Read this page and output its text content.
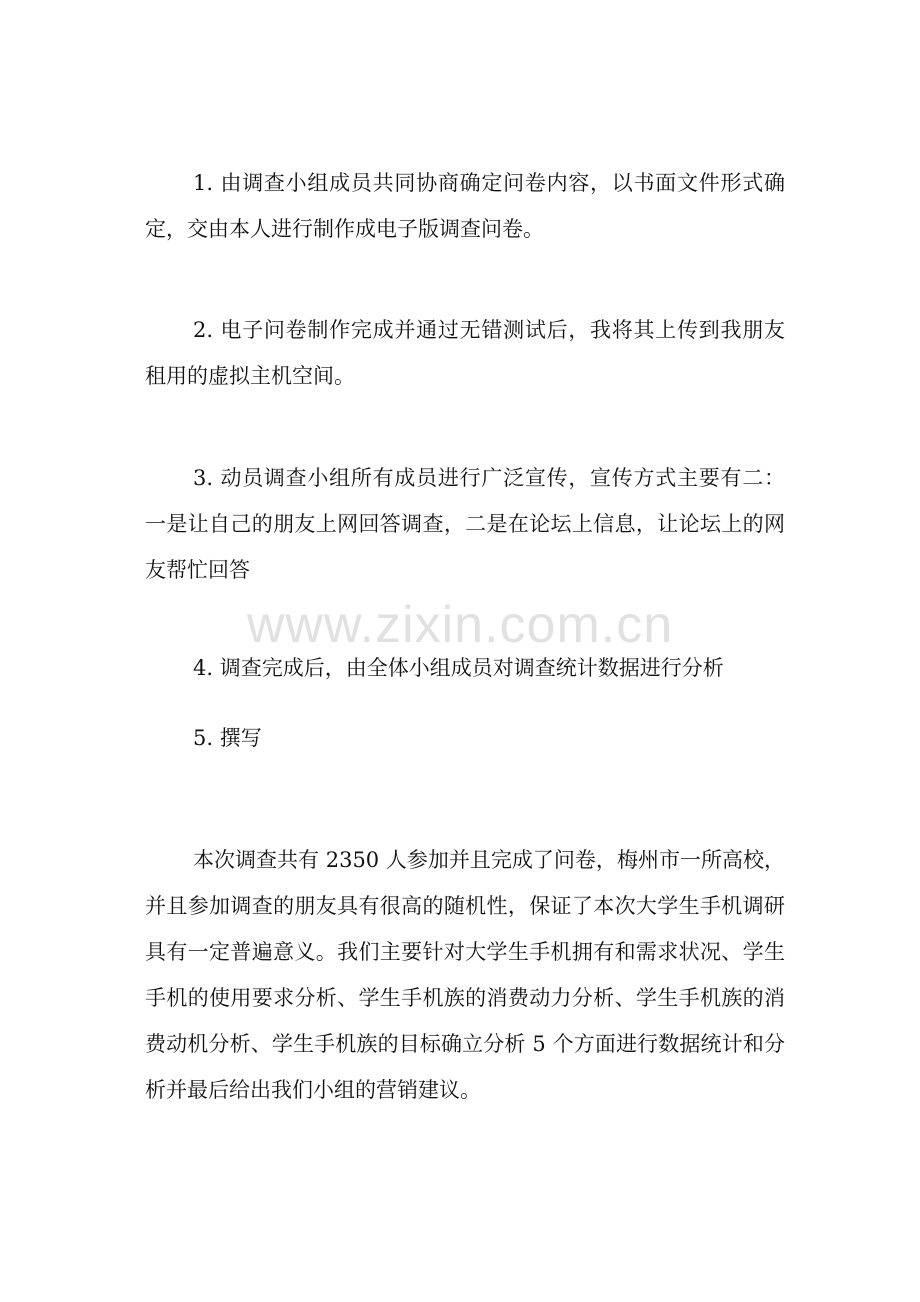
1. 由调查小组成员共同协商确定问卷内容，以书面文件形式确定，交由本人进行制作成电子版调查问卷。

2. 电子问卷制作完成并通过无错测试后，我将其上传到我朋友租用的虚拟主机空间。

3. 动员调查小组所有成员进行广泛宣传，宣传方式主要有二：一是让自己的朋友上网回答调查，二是在论坛上信息，让论坛上的网友帮忙回答

www.zixin.com.cn

4. 调查完成后，由全体小组成员对调查统计数据进行分析

5. 撰写

本次调查共有 2350 人参加并且完成了问卷，梅州市一所高校，并且参加调查的朋友具有很高的随机性，保证了本次大学生手机调研具有一定普遍意义。我们主要针对大学生手机拥有和需求状况、学生手机的使用要求分析、学生手机族的消费动力分析、学生手机族的消费动机分析、学生手机族的目标确立分析 5 个方面进行数据统计和分析并最后给出我们小组的营销建议。
